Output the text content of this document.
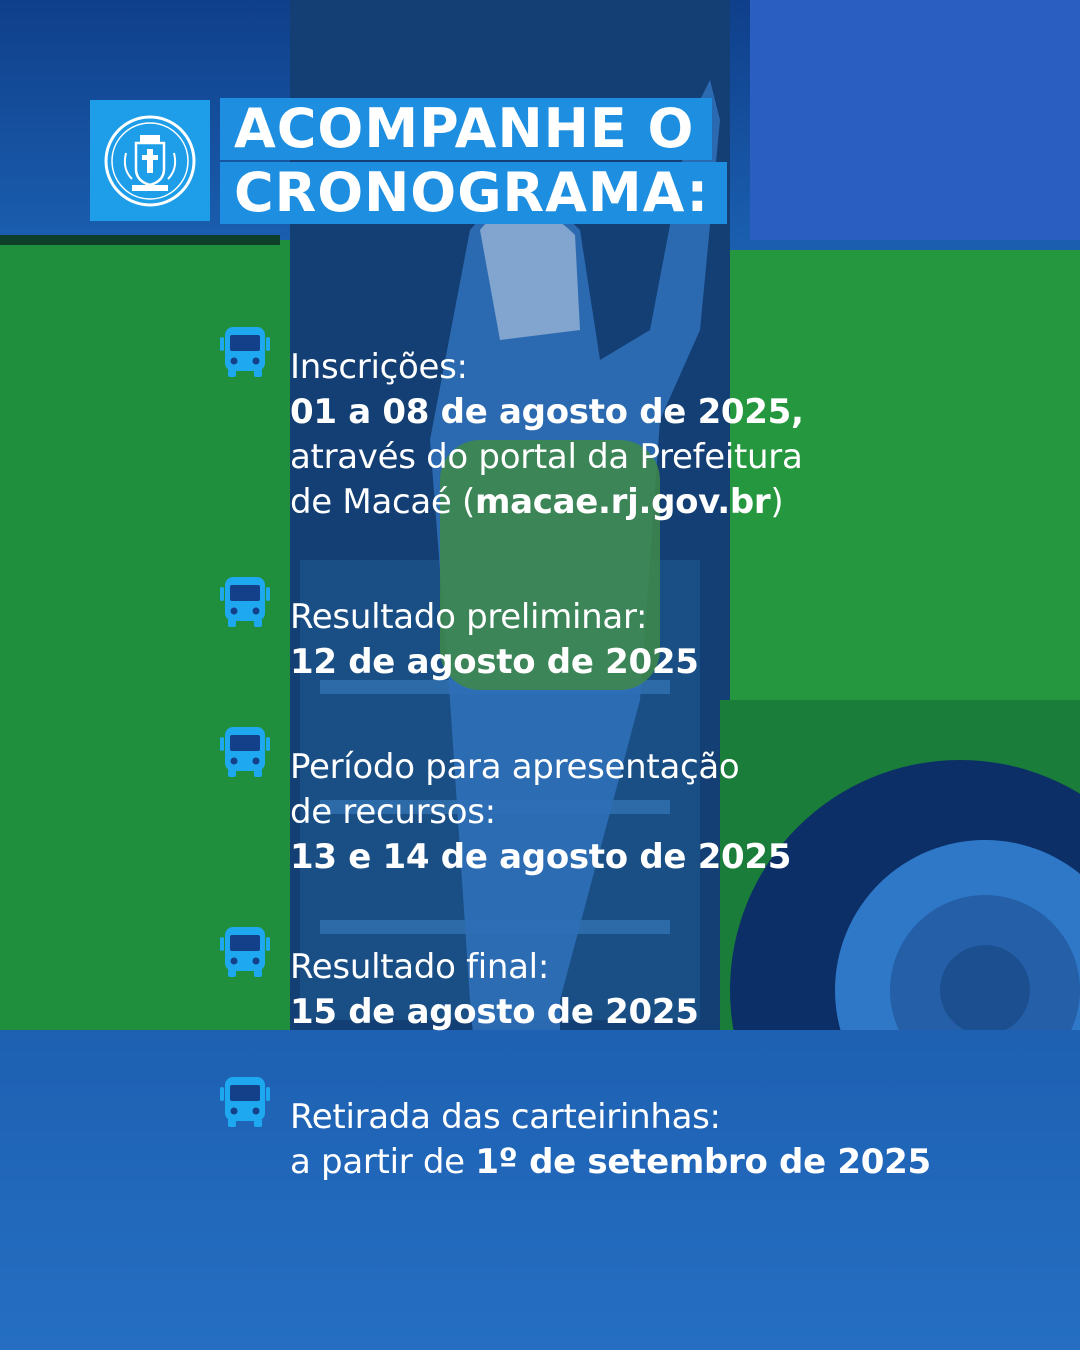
ACOMPANHE O
CRONOGRAMA:
Inscrições:
01 a 08 de agosto de 2025,
através do portal da Prefeitura
de Macaé (macae.rj.gov.br)
Resultado preliminar:
12 de agosto de 2025
Período para apresentação
de recursos:
13 e 14 de agosto de 2025
Resultado final:
15 de agosto de 2025
Retirada das carteirinhas:
a partir de 1º de setembro de 2025
